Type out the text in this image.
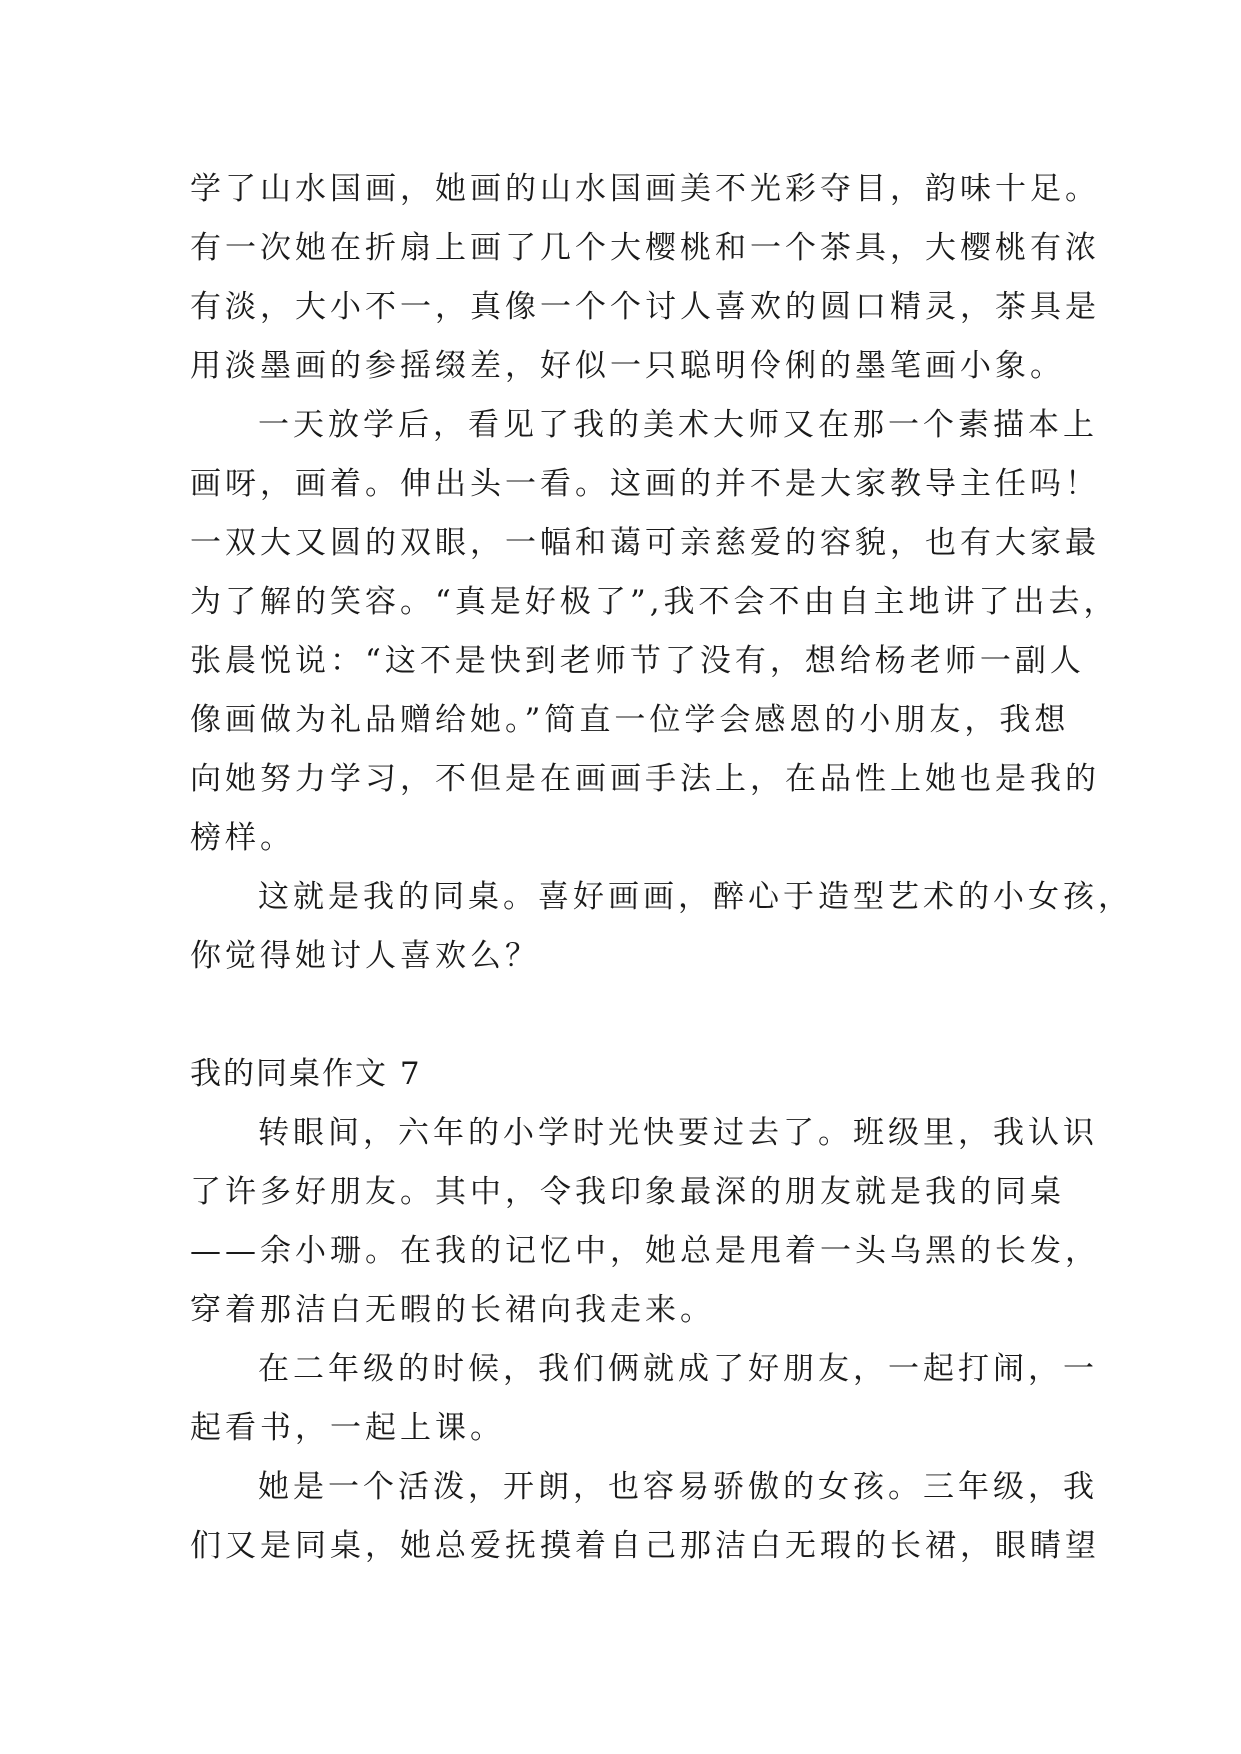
学了山水国画，她画的山水国画美不光彩夺目，韵味十足。
有一次她在折扇上画了几个大樱桃和一个茶具，大樱桃有浓
有淡，大小不一，真像一个个讨人喜欢的圆口精灵，茶具是
用淡墨画的参摇缀差，好似一只聪明伶俐的墨笔画小象。
一天放学后，看见了我的美术大师又在那一个素描本上
画呀，画着。伸出头一看。这画的并不是大家教导主任吗！
一双大又圆的双眼，一幅和蔼可亲慈爱的容貌，也有大家最
为了解的笑容。“真是好极了”,我不会不由自主地讲了出去，
张晨悦说：“这不是快到老师节了没有，想给杨老师一副人
像画做为礼品赠给她。”简直一位学会感恩的小朋友，我想
向她努力学习，不但是在画画手法上，在品性上她也是我的
榜样。
这就是我的同桌。喜好画画，醉心于造型艺术的小女孩，
你觉得她讨人喜欢么？
我的同桌作文 7
转眼间，六年的小学时光快要过去了。班级里，我认识
了许多好朋友。其中，令我印象最深的朋友就是我的同桌
——余小珊。在我的记忆中，她总是甩着一头乌黑的长发，
穿着那洁白无暇的长裙向我走来。
在二年级的时候，我们俩就成了好朋友，一起打闹，一
起看书，一起上课。
她是一个活泼，开朗，也容易骄傲的女孩。三年级，我
们又是同桌，她总爱抚摸着自己那洁白无瑕的长裙，眼睛望
